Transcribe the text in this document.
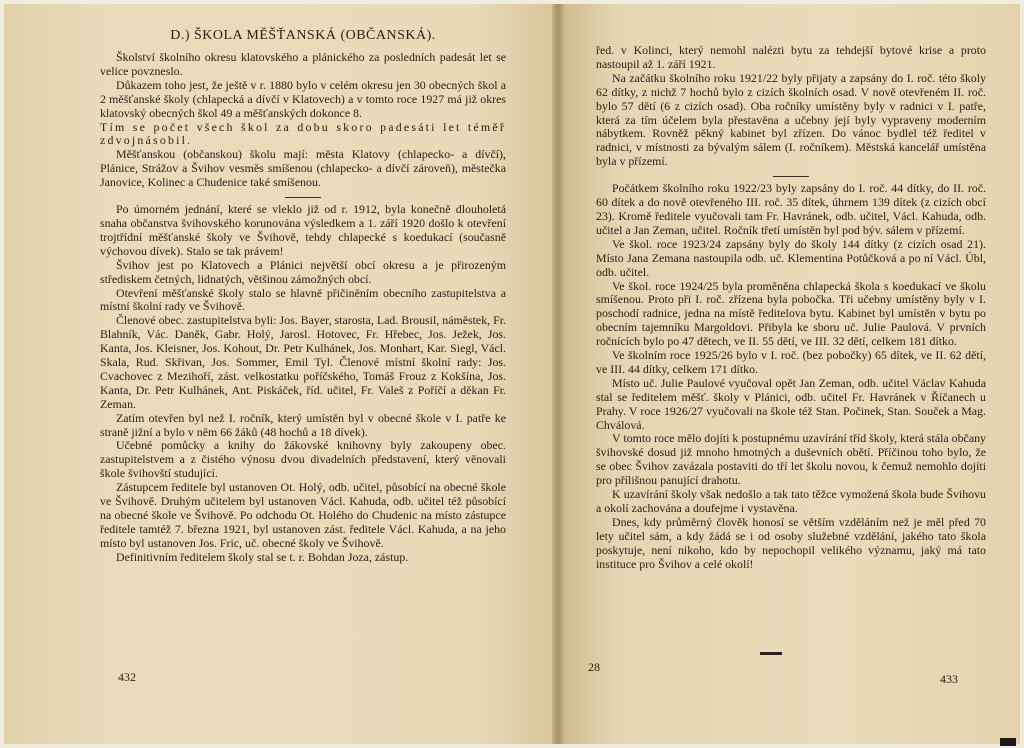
D.) ŠKOLA MĚŠŤANSKÁ (OBČANSKÁ).

Školství školního okresu klatovského a plánického za posledních padesát let se velice povzneslo.

Důkazem toho jest, že ještě v r. 1880 bylo v celém okresu jen 30 obecných škol a 2 měšťanské školy (chlapecká a dívčí v Klatovech) a v tomto roce 1927 má již okres klatovský obecných škol 49 a měšťanských dokonce 8.

Tím se počet všech škol za dobu skoro padesáti let téměř zdvojnásobil.

Měšťanskou (občanskou) školu mají: města Klatovy (chlapecko- a dívčí), Plánice, Strážov a Švihov vesměs smíšenou (chlapecko- a dívčí zároveň), městečka Janovice, Kolinec a Chudenice také smíšenou.

Po úmorném jednání, které se vleklo již od r. 1912, byla konečně dlouholetá snaha občanstva švihovského korunována výsledkem a 1. září 1920 došlo k otevření trojtřídní měšťanské školy ve Švihově, tehdy chlapecké s koedukací (současně výchovou dívek). Stalo se tak právem!

Švihov jest po Klatovech a Plánici největší obcí okresu a je přirozeným střediskem četných, lidnatých, většinou zámožných obcí.

Otevření měšťanské školy stalo se hlavně přičiněním obecního zastupitelstva a místní školní rady ve Švihově.

Členové obec. zastupitelstva byli: Jos. Bayer, starosta, Lad. Brousil, náměstek, Fr. Blahník, Vác. Daněk, Gabr. Holý, Jarosl. Hotovec, Fr. Hřebec, Jos. Ježek, Jos. Kanta, Jos. Kleisner, Jos. Kohout, Dr. Petr Kulhánek, Jos. Monhart, Kar. Siegl, Václ. Skala, Rud. Skřivan, Jos. Sommer, Emil Tyl. Členové místní školní rady: Jos. Cvachovec z Mezihoří, zást. velkostatku poříčského, Tomáš Frouz z Kokšína, Jos. Kanta, Dr. Petr Kulhánek, Ant. Piskáček, říd. učitel, Fr. Valeš z Poříčí a děkan Fr. Zeman.

Zatím otevřen byl než I. ročník, který umístěn byl v obecné škole v I. patře ke straně jižní a bylo v něm 66 žáků (48 hochů a 18 dívek).

Učebné pomůcky a knihy do žákovské knihovny byly zakoupeny obec. zastupitelstvem a z čistého výnosu dvou divadelních představení, který věnovali škole švihovští studující.

Zástupcem ředitele byl ustanoven Ot. Holý, odb. učitel, působící na obecné škole ve Švihově. Druhým učitelem byl ustanoven Václ. Kahuda, odb. učitel též působící na obecné škole ve Švihově. Po odchodu Ot. Holého do Chudenic na místo zástupce ředitele tamtéž 7. března 1921, byl ustanoven zást. ředitele Václ. Kahuda, a na jeho místo byl ustanoven Jos. Fric, uč. obecné školy ve Švihově.

Definitivním ředitelem školy stal se t. r. Bohdan Joza, zástup.

řed. v Kolinci, který nemohl nalézti bytu za tehdejší bytové krise a proto nastoupil až 1. září 1921.

Na začátku školního roku 1921/22 byly přijaty a zapsány do I. roč. této školy 62 dítky, z nichž 7 hochů bylo z cizích školních osad. V nově otevřeném II. roč. bylo 57 dětí (6 z cizích osad). Oba ročníky umístěny byly v radnici v I. patře, která za tím účelem byla přestavěna a učebny její byly vypraveny moderním nábytkem. Rovněž pěkný kabinet byl zřízen. Do vánoc bydlel též ředitel v radnici, v místnosti za bývalým sálem (I. ročníkem). Městská kancelář umístěna byla v přízemí.

Počátkem školního roku 1922/23 byly zapsány do I. roč. 44 dítky, do II. roč. 60 dítek a do nově otevřeného III. roč. 35 dítek, úhrnem 139 dítek (z cizích obcí 23). Kromě ředitele vyučovali tam Fr. Havránek, odb. učitel, Václ. Kahuda, odb. učitel a Jan Zeman, učitel. Ročník třetí umístěn byl pod býv. sálem v přízemí.

Ve škol. roce 1923/24 zapsány byly do školy 144 dítky (z cizích osad 21). Místo Jana Zemana nastoupila odb. uč. Klementina Potůčková a po ní Václ. Úbl, odb. učitel.

Ve škol. roce 1924/25 byla proměněna chlapecká škola s koedukací ve školu smíšenou. Proto při I. roč. zřízena byla pobočka. Tři učebny umístěny byly v I. poschodí radnice, jedna na místě ředitelova bytu. Kabinet byl umístěn v bytu po obecním tajemníku Margoldovi. Přibyla ke sboru uč. Julie Paulová. V prvních ročnících bylo po 47 dětech, ve II. 55 dětí, ve III. 32 dětí, celkem 181 dítko.

Ve školním roce 1925/26 bylo v I. roč. (bez pobočky) 65 dítek, ve II. 62 dětí, ve III. 44 dítky, celkem 171 dítko.

Místo uč. Julie Paulové vyučoval opět Jan Zeman, odb. učitel Václav Kahuda stal se ředitelem měšť. školy v Plánici, odb. učitel Fr. Havránek v Říčanech u Prahy. V roce 1926/27 vyučovali na škole též Stan. Počinek, Stan. Souček a Mag. Chválová.

V tomto roce mělo dojíti k postupnému uzavírání tříd školy, která stála občany švihovské dosud již mnoho hmotných a duševních obětí. Příčinou toho bylo, že se obec Švihov zavázala postaviti do tří let školu novou, k čemuž nemohlo dojíti pro přílišnou panující drahotu.

K uzavírání školy však nedošlo a tak tato těžce vymožená škola bude Švihovu a okolí zachována a doufejme i vystavěna.

Dnes, kdy průměrný člověk honosí se větším vzděláním než je měl před 70 lety učitel sám, a kdy žádá se i od osoby služebné vzdělání, jakého tato škola poskytuje, není nikoho, kdo by nepochopil velikého významu, jaký má tato instituce pro Švihov a celé okolí!

432
28
433
